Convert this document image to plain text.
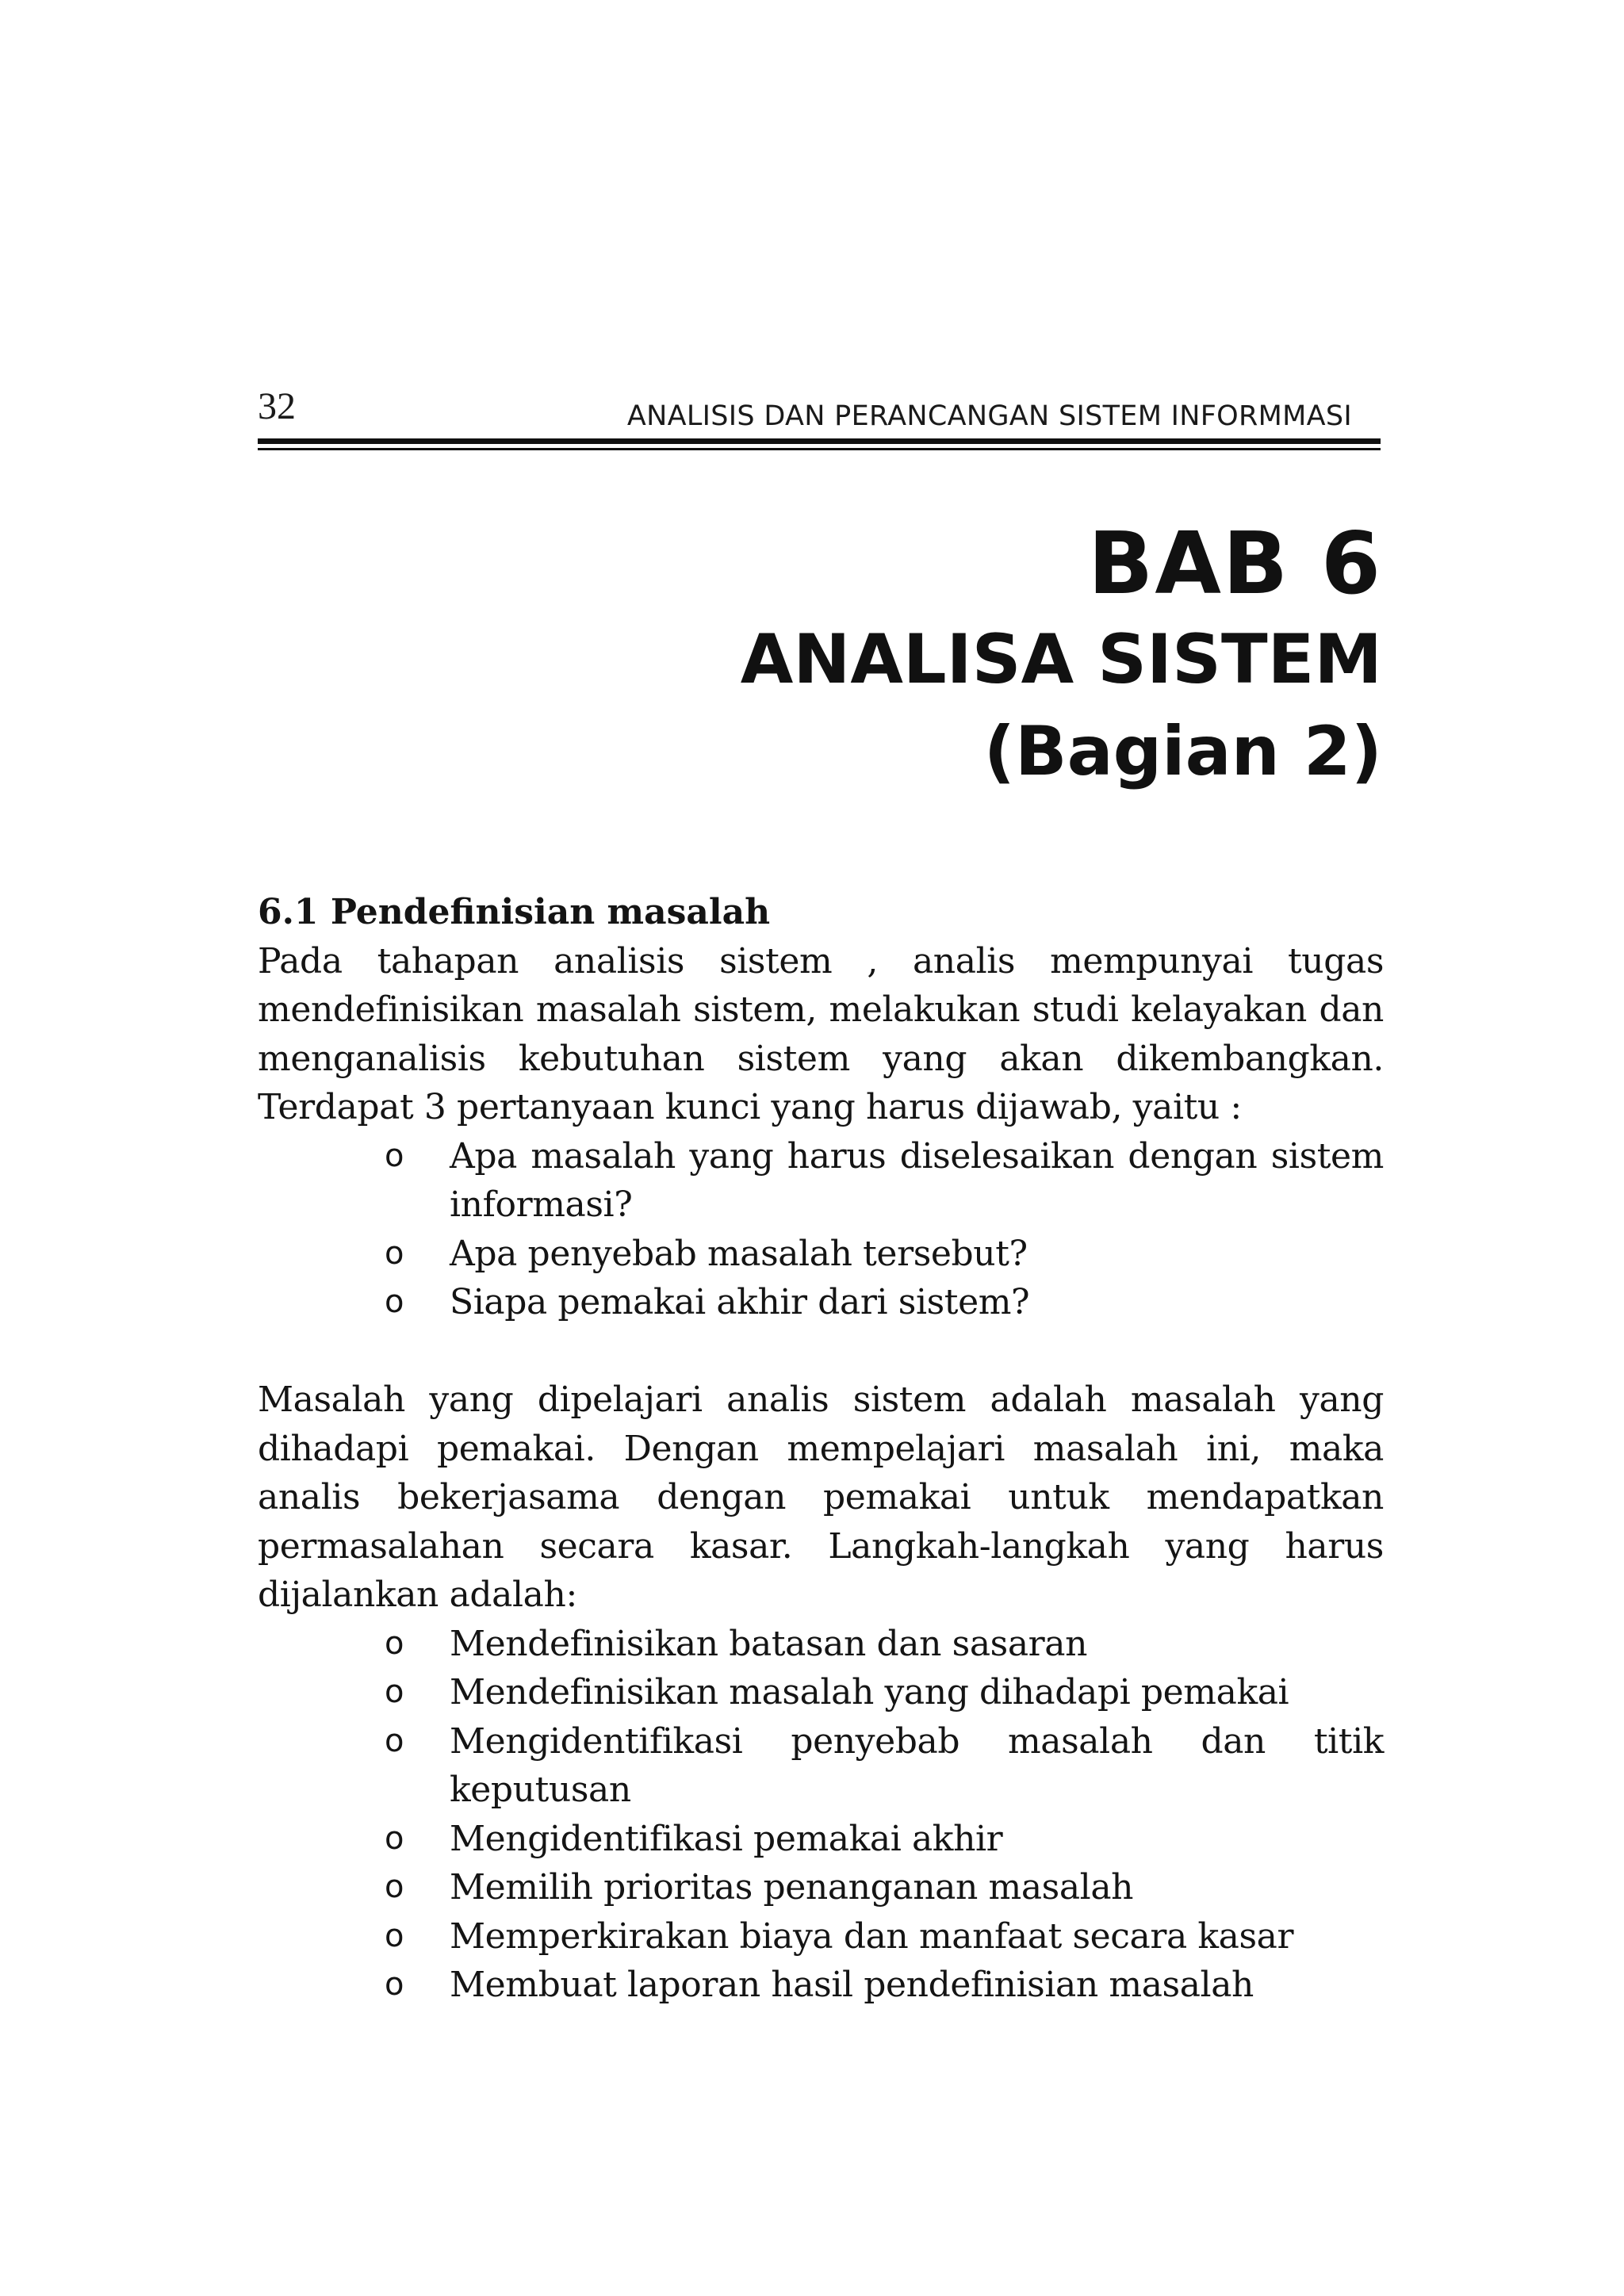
32	ANALISIS DAN PERANCANGAN SISTEM INFORMMASI
BAB 6
ANALISA SISTEM
(Bagian 2)
6.1 Pendefinisian masalah

Pada tahapan analisis sistem , analis mempunyai tugas mendefinisikan masalah sistem, melakukan studi kelayakan dan menganalisis kebutuhan sistem yang akan dikembangkan. Terdapat 3 pertanyaan kunci yang harus dijawab, yaitu :

o Apa masalah yang harus diselesaikan dengan sistem informasi?
o Apa penyebab masalah tersebut?
o Siapa pemakai akhir dari sistem?

Masalah yang dipelajari analis sistem adalah masalah yang dihadapi pemakai. Dengan mempelajari masalah ini, maka analis bekerjasama dengan pemakai untuk mendapatkan permasalahan secara kasar. Langkah-langkah yang harus dijalankan adalah:

o Mendefinisikan batasan dan sasaran
o Mendefinisikan masalah yang dihadapi pemakai
o Mengidentifikasi penyebab masalah dan titik keputusan
o Mengidentifikasi pemakai akhir
o Memilih prioritas penanganan masalah
o Memperkirakan biaya dan manfaat secara kasar
o Membuat laporan hasil pendefinisian masalah
